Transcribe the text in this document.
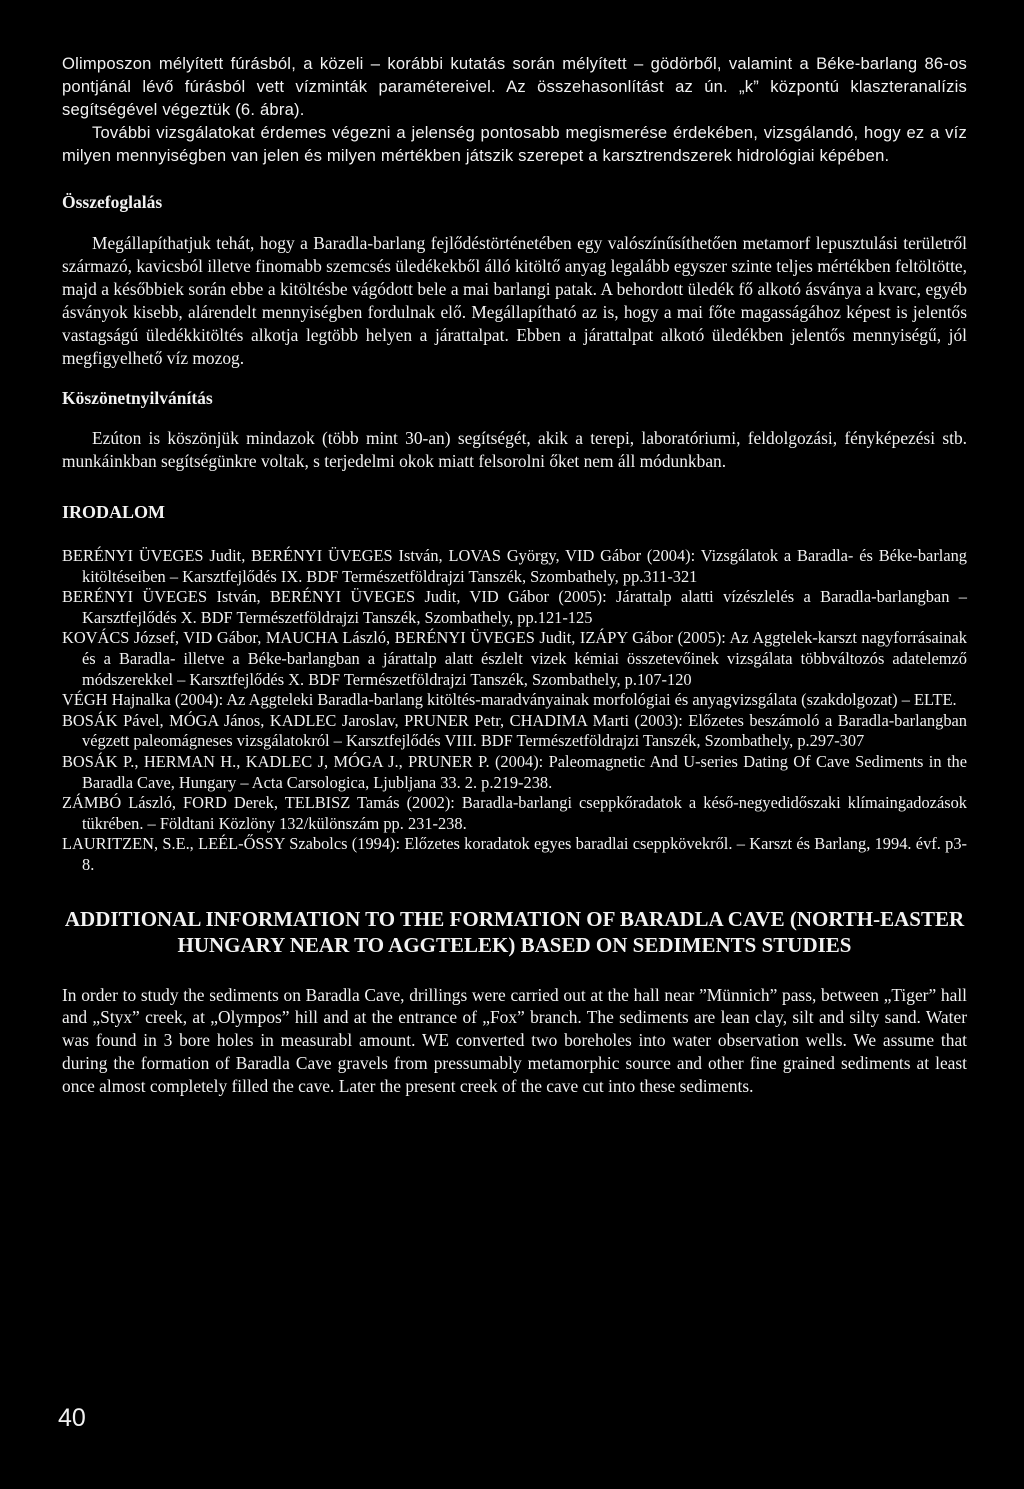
Olimposzon mélyített fúrásból, a közeli – korábbi kutatás során mélyített – gödörből, valamint a Béke-barlang 86-os pontjánál lévő fúrásból vett vízminták paramétereivel. Az összehasonlítást az ún. „k” központú klaszteranalízis segítségével végeztük (6. ábra).

További vizsgálatokat érdemes végezni a jelenség pontosabb megismerése érdekében, vizsgálandó, hogy ez a víz milyen mennyiségben van jelen és milyen mértékben játszik szerepet a karsztrendszerek hidrológiai képében.

Összefoglalás

Megállapíthatjuk tehát, hogy a Baradla-barlang fejlődéstörténetében egy valószínűsíthetően metamorf lepusztulási területről származó, kavicsból illetve finomabb szemcsés üledékekből álló kitöltő anyag legalább egyszer szinte teljes mértékben feltöltötte, majd a későbbiek során ebbe a kitöltésbe vágódott bele a mai barlangi patak. A behordott üledék fő alkotó ásványa a kvarc, egyéb ásványok kisebb, alárendelt mennyiségben fordulnak elő. Megállapítható az is, hogy a mai főte magasságához képest is jelentős vastagságú üledékkitöltés alkotja legtöbb helyen a járattalpat. Ebben a járattalpat alkotó üledékben jelentős mennyiségű, jól megfigyelhető víz mozog.

Köszönetnyilvánítás

Ezúton is köszönjük mindazok (több mint 30-an) segítségét, akik a terepi, laboratóriumi, feldolgozási, fényképezési stb. munkáinkban segítségünkre voltak, s terjedelmi okok miatt felsorolni őket nem áll módunkban.

IRODALOM

BERÉNYI ÜVEGES Judit, BERÉNYI ÜVEGES István, LOVAS György, VID Gábor (2004): Vizsgálatok a Baradla- és Béke-barlang kitöltéseiben – Karsztfejlődés IX. BDF Természetföldrajzi Tanszék, Szombathely, pp.311-321

BERÉNYI ÜVEGES István, BERÉNYI ÜVEGES Judit, VID Gábor (2005): Járattalp alatti vízészlelés a Baradla-barlangban – Karsztfejlődés X. BDF Természetföldrajzi Tanszék, Szombathely, pp.121-125

KOVÁCS József, VID Gábor, MAUCHA László, BERÉNYI ÜVEGES Judit, IZÁPY Gábor (2005): Az Aggtelek-karszt nagyforrásainak és a Baradla- illetve a Béke-barlangban a járattalp alatt észlelt vizek kémiai összetevőinek vizsgálata többváltozós adatelemző módszerekkel – Karsztfejlődés X. BDF Természetföldrajzi Tanszék, Szombathely, p.107-120

VÉGH Hajnalka (2004): Az Aggteleki Baradla-barlang kitöltés-maradványainak morfológiai és anyagvizsgálata (szakdolgozat) – ELTE.

BOSÁK Pável, MÓGA János, KADLEC Jaroslav, PRUNER Petr, CHADIMA Marti (2003): Előzetes beszámoló a Baradla-barlangban végzett paleomágneses vizsgálatokról – Karsztfejlődés VIII. BDF Természetföldrajzi Tanszék, Szombathely, p.297-307

BOSÁK P., HERMAN H., KADLEC J, MÓGA J., PRUNER P. (2004): Paleomagnetic And U-series Dating Of Cave Sediments in the Baradla Cave, Hungary – Acta Carsologica, Ljubljana 33. 2. p.219-238.

ZÁMBÓ László, FORD Derek, TELBISZ Tamás (2002): Baradla-barlangi cseppkőradatok a késő-negyedidőszaki klímaingadozások tükrében. – Földtani Közlöny 132/különszám pp. 231-238.

LAURITZEN, S.E., LEÉL-ŐSSY Szabolcs (1994): Előzetes koradatok egyes baradlai cseppkövekről. – Karszt és Barlang, 1994. évf. p3-8.

ADDITIONAL INFORMATION TO THE FORMATION OF BARADLA CAVE (NORTH-EASTER HUNGARY NEAR TO AGGTELEK) BASED ON SEDIMENTS STUDIES

In order to study the sediments on Baradla Cave, drillings were carried out at the hall near ”Münnich” pass, between „Tiger” hall and „Styx” creek, at „Olympos” hill and at the entrance of „Fox” branch. The sediments are lean clay, silt and silty sand. Water was found in 3 bore holes in measurabl amount. WE converted two boreholes into water observation wells. We assume that during the formation of Baradla Cave gravels from pressumably metamorphic source and other fine grained sediments at least once almost completely filled the cave. Later the present creek of the cave cut into these sediments.

40
